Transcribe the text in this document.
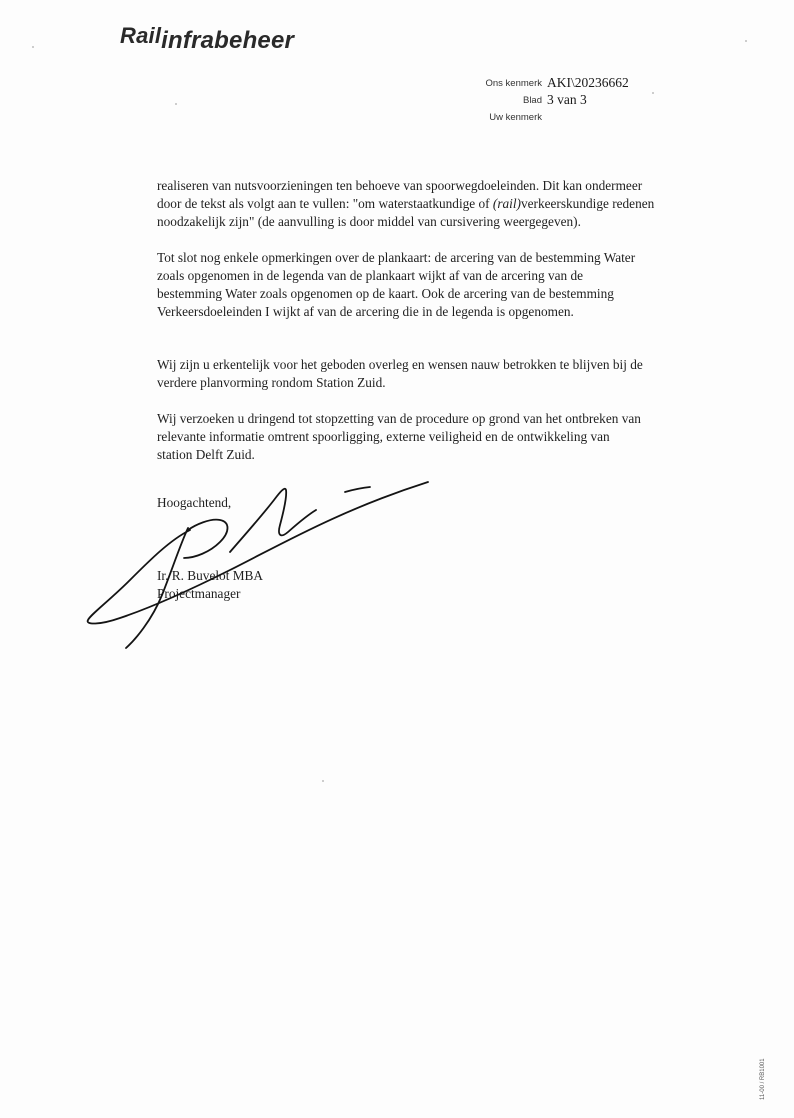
Railinfrabeheer
Ons kenmerk AKI\20236662
Blad 3 van 3
Uw kenmerk

realiseren van nutsvoorzieningen ten behoeve van spoorwegdoeleinden. Dit kan ondermeer
door de tekst als volgt aan te vullen: "om waterstaatkundige of (rail)verkeerskundige redenen
noodzakelijk zijn" (de aanvulling is door middel van cursivering weergegeven).

Tot slot nog enkele opmerkingen over de plankaart: de arcering van de bestemming Water
zoals opgenomen in de legenda van de plankaart wijkt af van de arcering van de
bestemming Water zoals opgenomen op de kaart. Ook de arcering van de bestemming
Verkeersdoeleinden I wijkt af van de arcering die in de legenda is opgenomen.

Wij zijn u erkentelijk voor het geboden overleg en wensen nauw betrokken te blijven bij de
verdere planvorming rondom Station Zuid.

Wij verzoeken u dringend tot stopzetting van de procedure op grond van het ontbreken van
relevante informatie omtrent spoorligging, externe veiligheid en de ontwikkeling van
station Delft Zuid.

Hoogachtend,
Ir. R. Buvelot MBA
Projectmanager
11-00 / RB1001
